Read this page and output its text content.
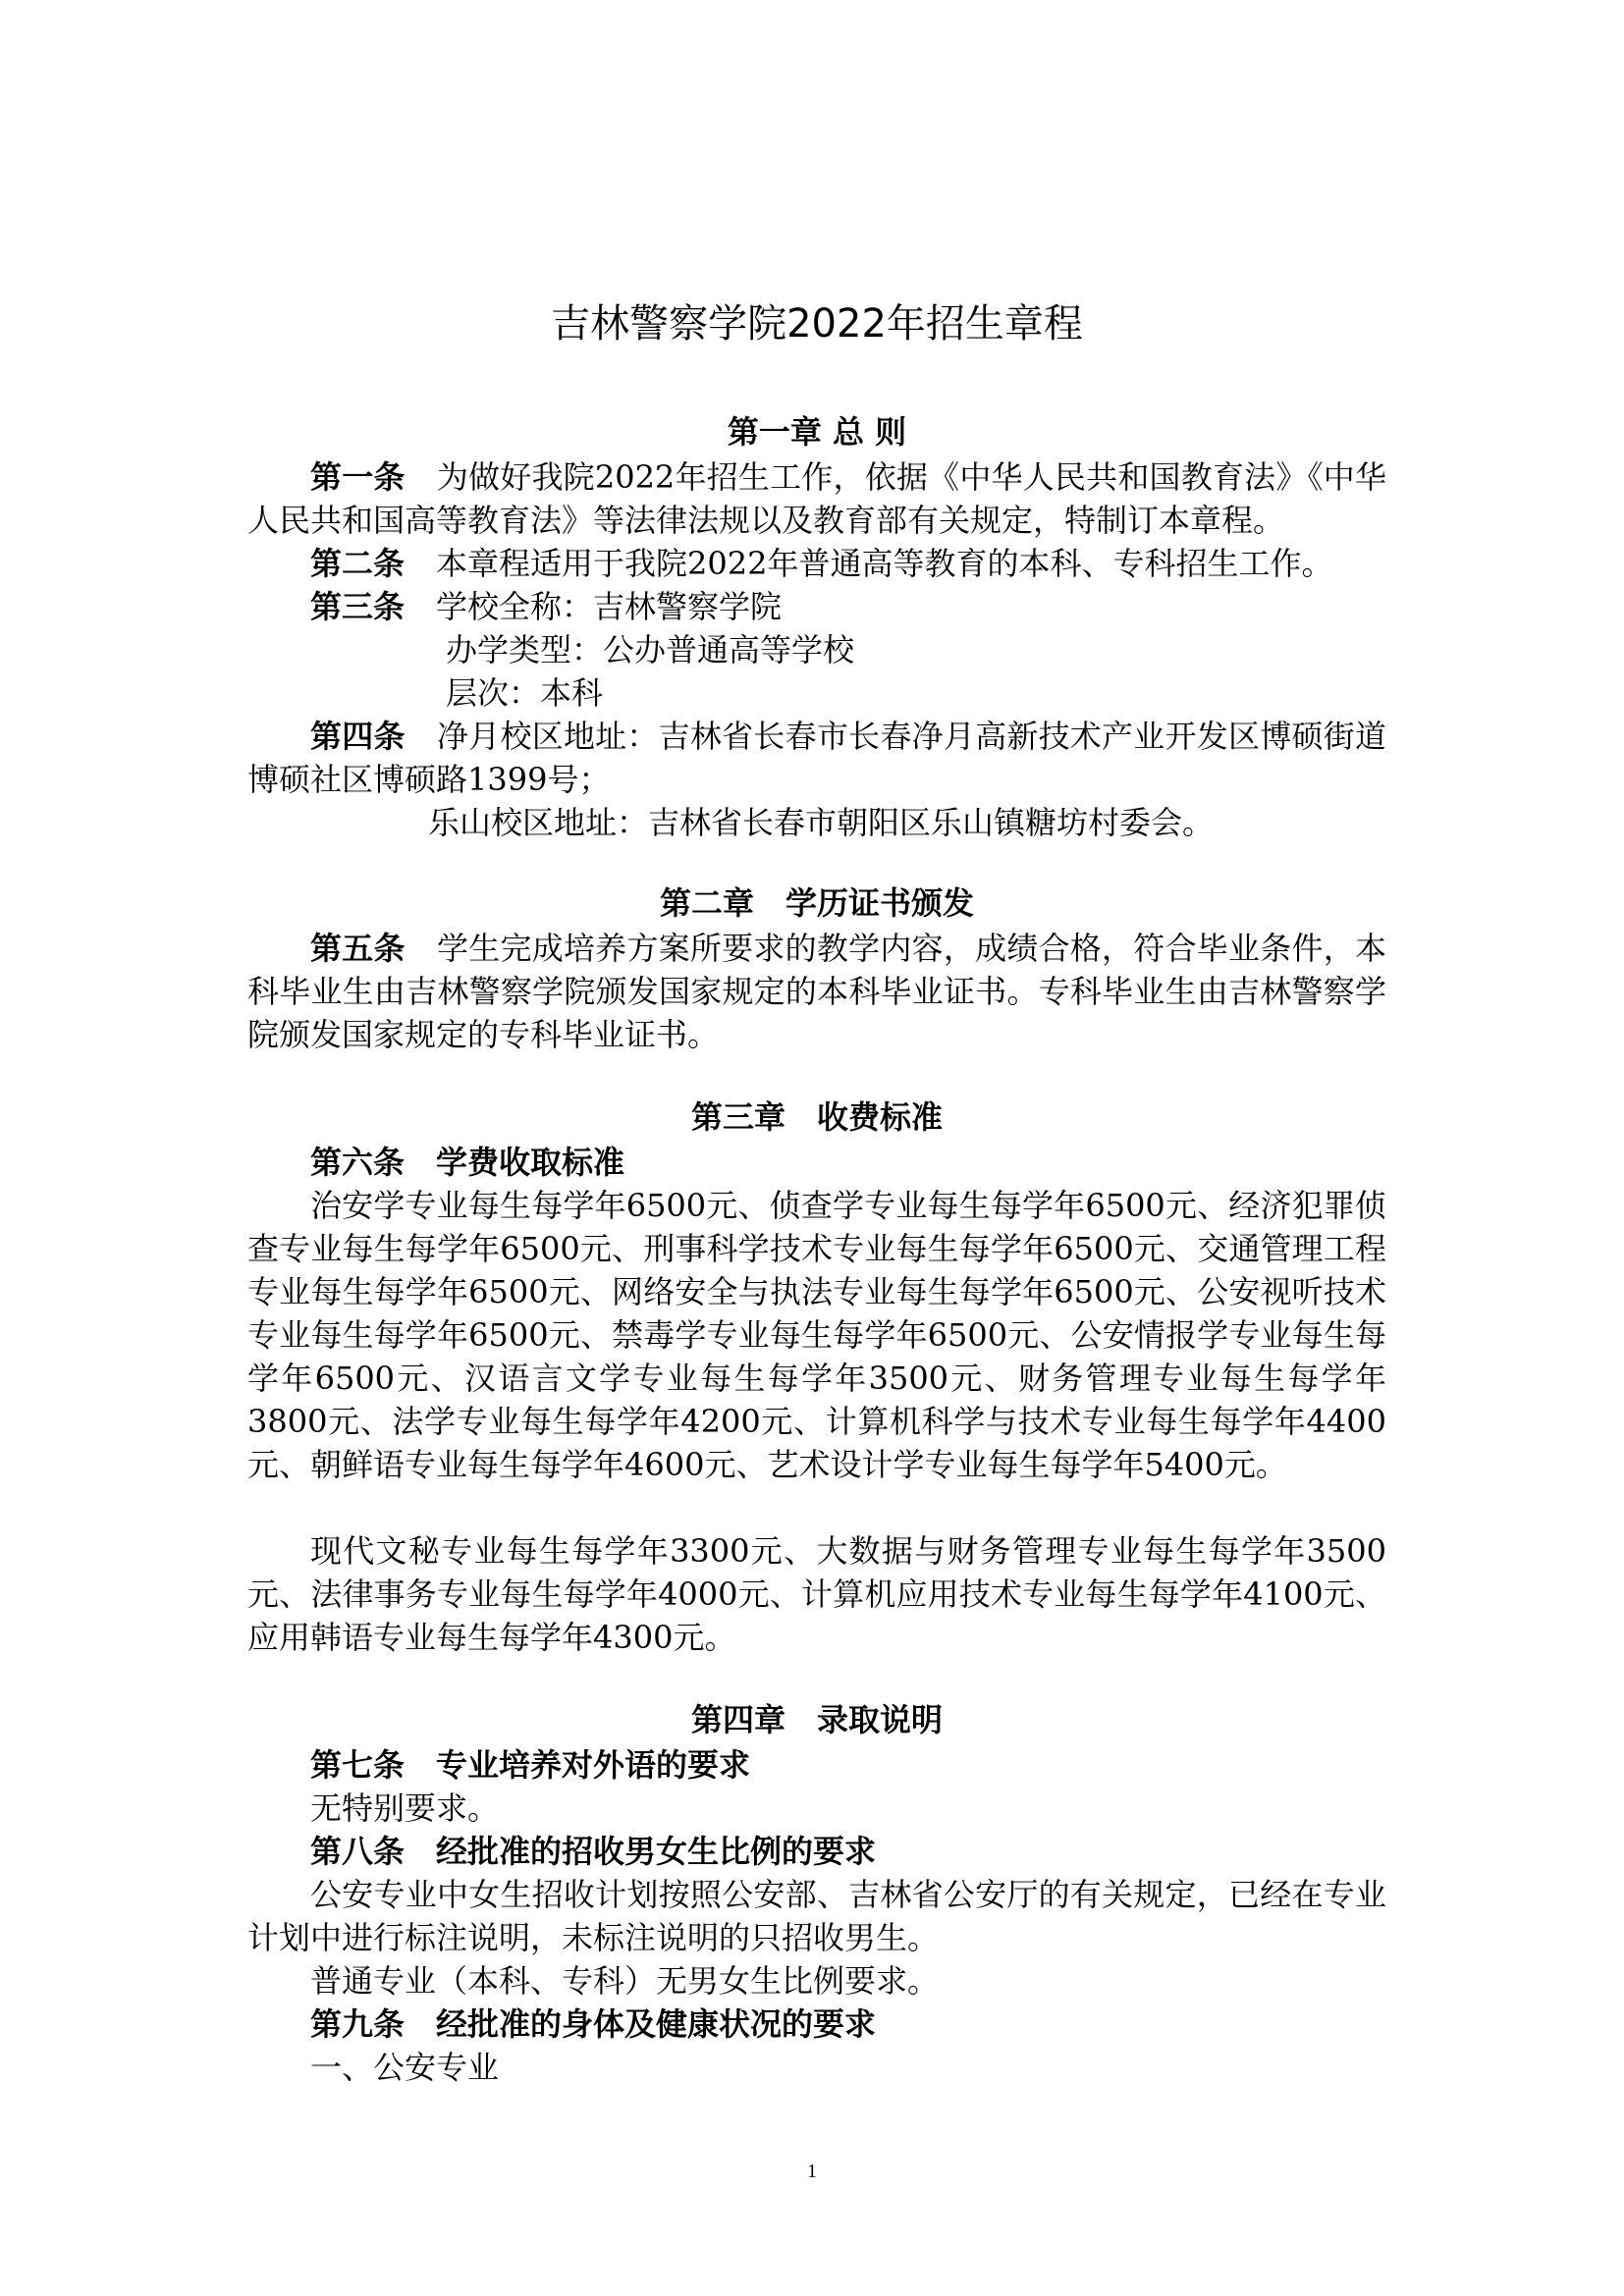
吉林警察学院2022年招生章程
第一章 总 则

第一条 为做好我院2022年招生工作，依据《中华人民共和国教育法》《中华人民共和国高等教育法》等法律法规以及教育部有关规定，特制订本章程。

第二条 本章程适用于我院2022年普通高等教育的本科、专科招生工作。

第三条 学校全称：吉林警察学院
办学类型：公办普通高等学校
层次：本科

第四条 净月校区地址：吉林省长春市长春净月高新技术产业开发区博硕街道博硕社区博硕路1399号；

乐山校区地址：吉林省长春市朝阳区乐山镇糖坊村委会。
第二章　学历证书颁发

第五条 学生完成培养方案所要求的教学内容，成绩合格，符合毕业条件，本科毕业生由吉林警察学院颁发国家规定的本科毕业证书。专科毕业生由吉林警察学院颁发国家规定的专科毕业证书。

第三章　收费标准
第六条 学费收取标准

治安学专业每生每学年6500元、侦查学专业每生每学年6500元、经济犯罪侦查专业每生每学年6500元、刑事科学技术专业每生每学年6500元、交通管理工程专业每生每学年6500元、网络安全与执法专业每生每学年6500元、公安视听技术专业每生每学年6500元、禁毒学专业每生每学年6500元、公安情报学专业每生每学年6500元、汉语言文学专业每生每学年3500元、财务管理专业每生每学年3800元、法学专业每生每学年4200元、计算机科学与技术专业每生每学年4400元、朝鲜语专业每生每学年4600元、艺术设计学专业每生每学年5400元。

现代文秘专业每生每学年3300元、大数据与财务管理专业每生每学年3500元、法律事务专业每生每学年4000元、计算机应用技术专业每生每学年4100元、应用韩语专业每生每学年4300元。

第四章　录取说明
第七条 专业培养对外语的要求
无特别要求。
第八条 经批准的招收男女生比例的要求

公安专业中女生招收计划按照公安部、吉林省公安厅的有关规定，已经在专业计划中进行标注说明，未标注说明的只招收男生。

普通专业（本科、专科）无男女生比例要求。
第九条 经批准的身体及健康状况的要求
一、公安专业
1
